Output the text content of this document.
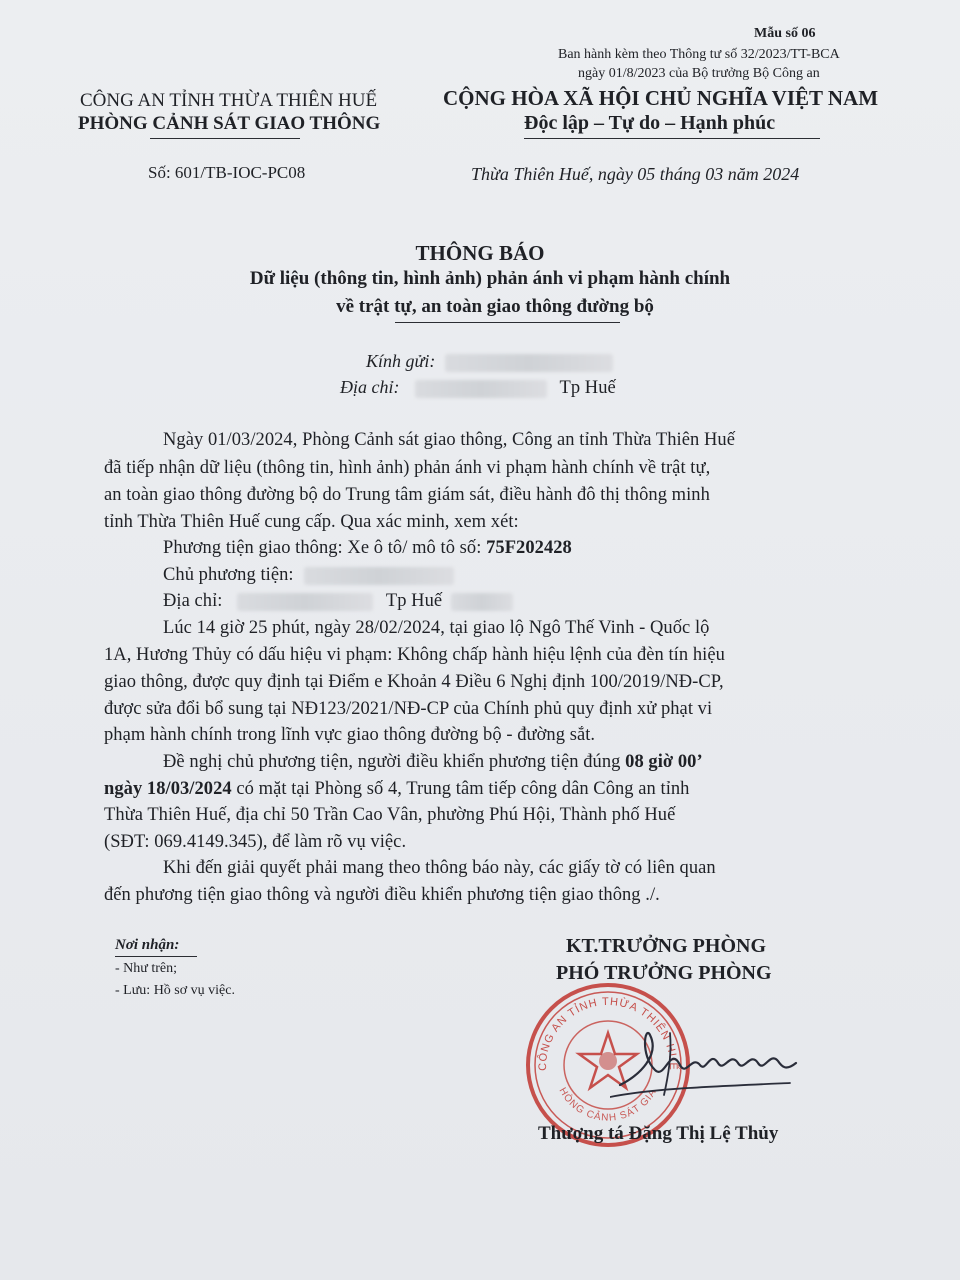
Mẫu số 06
Ban hành kèm theo Thông tư số 32/2023/TT-BCA
ngày 01/8/2023 của Bộ trưởng Bộ Công an
CÔNG AN TỈNH THỪA THIÊN HUẾ
PHÒNG CẢNH SÁT GIAO THÔNG
CỘNG HÒA XÃ HỘI CHỦ NGHĨA VIỆT NAM
Độc lập – Tự do – Hạnh phúc
Số: 601/TB-IOC-PC08	Thừa Thiên Huế, ngày 05 tháng 03 năm 2024
THÔNG BÁO
Dữ liệu (thông tin, hình ảnh) phản ánh vi phạm hành chính
về trật tự, an toàn giao thông đường bộ
Kính gửi:
Địa chỉ:	Tp Huế
Ngày 01/03/2024, Phòng Cảnh sát giao thông, Công an tỉnh Thừa Thiên Huế
đã tiếp nhận dữ liệu (thông tin, hình ảnh) phản ánh vi phạm hành chính về trật tự,
an toàn giao thông đường bộ do Trung tâm giám sát, điều hành đô thị thông minh
tỉnh Thừa Thiên Huế cung cấp. Qua xác minh, xem xét:
Phương tiện giao thông: Xe ô tô/ mô tô số: 75F202428
Chủ phương tiện:
Địa chỉ:	Tp Huế
Lúc 14 giờ 25 phút, ngày 28/02/2024, tại giao lộ Ngô Thế Vinh - Quốc lộ
1A, Hương Thủy có dấu hiệu vi phạm: Không chấp hành hiệu lệnh của đèn tín hiệu
giao thông, được quy định tại Điểm e Khoản 4 Điều 6 Nghị định 100/2019/NĐ-CP,
được sửa đổi bổ sung tại NĐ123/2021/NĐ-CP của Chính phủ quy định xử phạt vi
phạm hành chính trong lĩnh vực giao thông đường bộ - đường sắt.
Đề nghị chủ phương tiện, người điều khiển phương tiện đúng 08 giờ 00’
ngày 18/03/2024 có mặt tại Phòng số 4, Trung tâm tiếp công dân Công an tỉnh
Thừa Thiên Huế, địa chỉ 50 Trần Cao Vân, phường Phú Hội, Thành phố Huế
(SĐT: 069.4149.345), để làm rõ vụ việc.
Khi đến giải quyết phải mang theo thông báo này, các giấy tờ có liên quan
đến phương tiện giao thông và người điều khiển phương tiện giao thông ./.
Nơi nhận:
- Như trên;
- Lưu: Hồ sơ vụ việc.
KT.TRƯỞNG PHÒNG
PHÓ TRƯỞNG PHÒNG
CÔNG AN TỈNH THỪA THIÊN HUẾ
HÒNG CẢNH SÁT GIA
Thượng tá Đặng Thị Lệ Thủy
